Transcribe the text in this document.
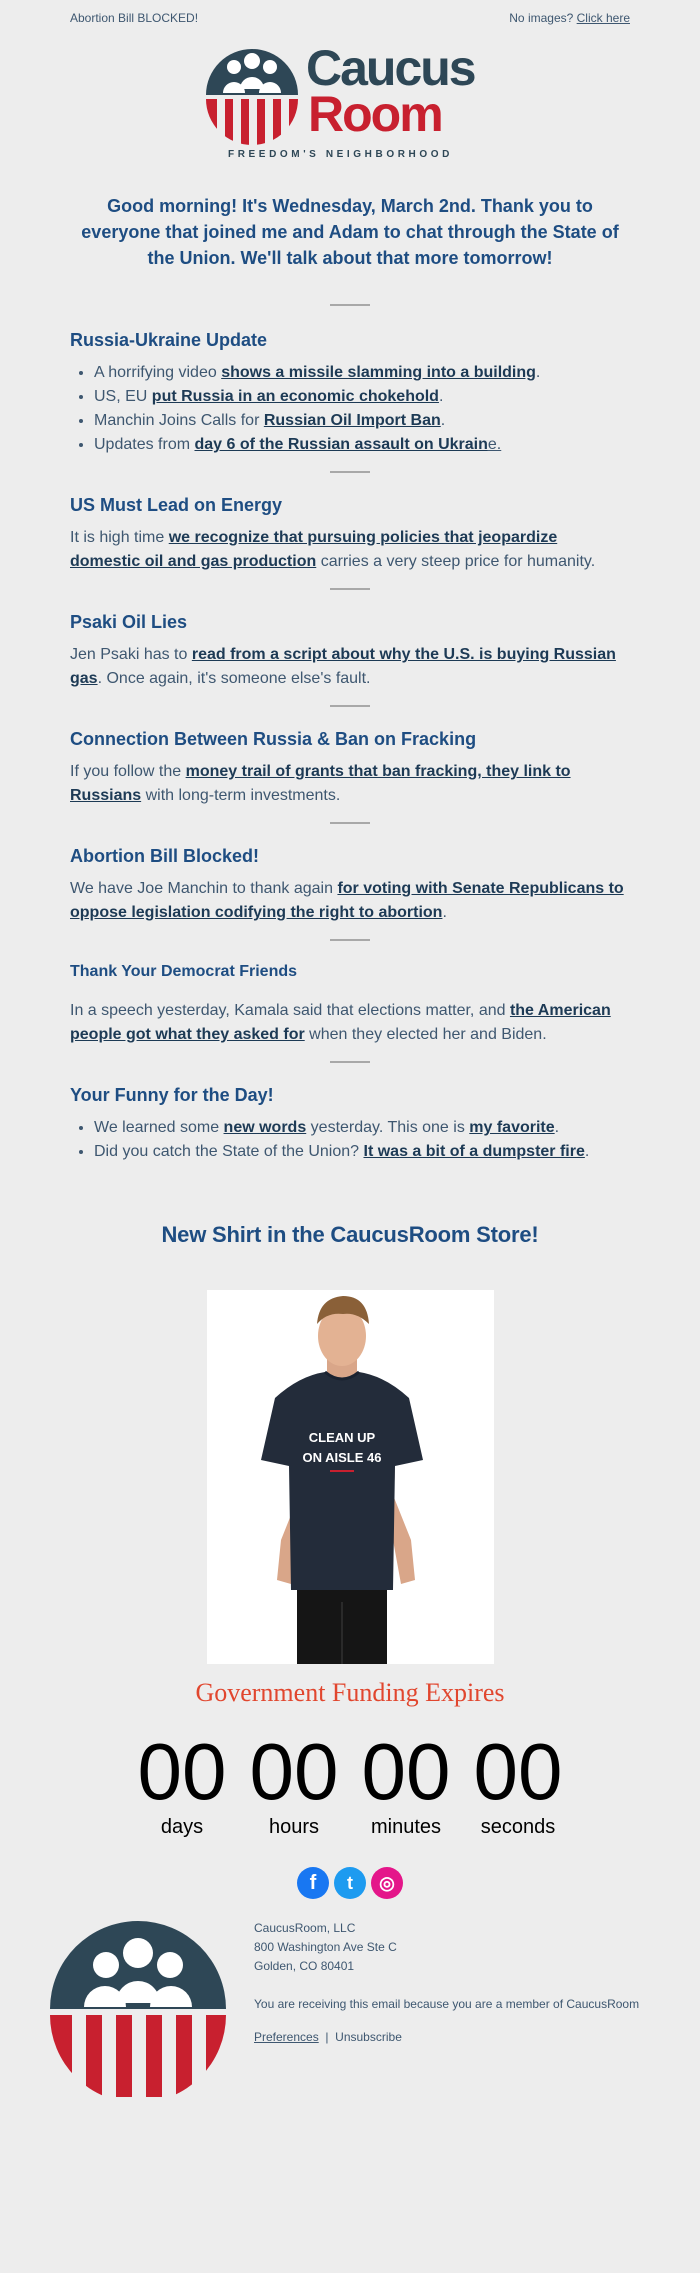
Abortion Bill BLOCKED!	No images? Click here
Caucus
Room
FREEDOM'S NEIGHBORHOOD

Good morning! It's Wednesday, March 2nd. Thank you to everyone that joined me and Adam to chat through the State of the Union. We'll talk about that more tomorrow!

Russia-Ukraine Update
• A horrifying video shows a missile slamming into a building.
• US, EU put Russia in an economic chokehold.
• Manchin Joins Calls for Russian Oil Import Ban.
• Updates from day 6 of the Russian assault on Ukraine.
US Must Lead on Energy

It is high time we recognize that pursuing policies that jeopardize domestic oil and gas production carries a very steep price for humanity.

Psaki Oil Lies

Jen Psaki has to read from a script about why the U.S. is buying Russian gas. Once again, it's someone else's fault.

Connection Between Russia & Ban on Fracking

If you follow the money trail of grants that ban fracking, they link to Russians with long-term investments.

Abortion Bill Blocked!

We have Joe Manchin to thank again for voting with Senate Republicans to oppose legislation codifying the right to abortion.

Thank Your Democrat Friends

In a speech yesterday, Kamala said that elections matter, and the American people got what they asked for when they elected her and Biden.

Your Funny for the Day!
• We learned some new words yesterday. This one is my favorite.
• Did you catch the State of the Union? It was a bit of a dumpster fire.
New Shirt in the CaucusRoom Store!
CLEAN UP
ON AISLE 46
Government Funding Expires
00
days
00
hours
00
minutes
00
seconds
f	t	◎
CaucusRoom, LLC
800 Washington Ave Ste C
Golden, CO 80401
You are receiving this email because you are a member of CaucusRoom
Preferences | Unsubscribe
